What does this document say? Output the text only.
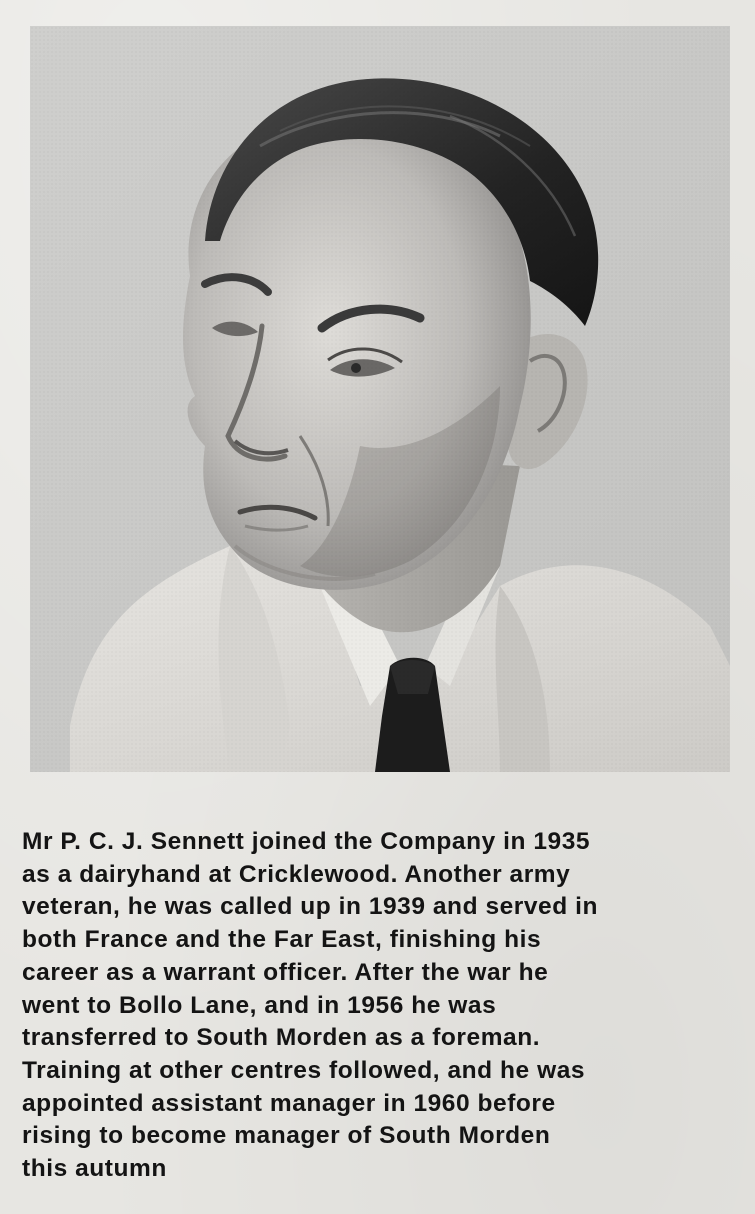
Mr P. C. J. Sennett joined the Company in 1935
as a dairyhand at Cricklewood. Another army
veteran, he was called up in 1939 and served in
both France and the Far East, finishing his
career as a warrant officer. After the war he
went to Bollo Lane, and in 1956 he was
transferred to South Morden as a foreman.
Training at other centres followed, and he was
appointed assistant manager in 1960 before
rising to become manager of South Morden
this autumn
